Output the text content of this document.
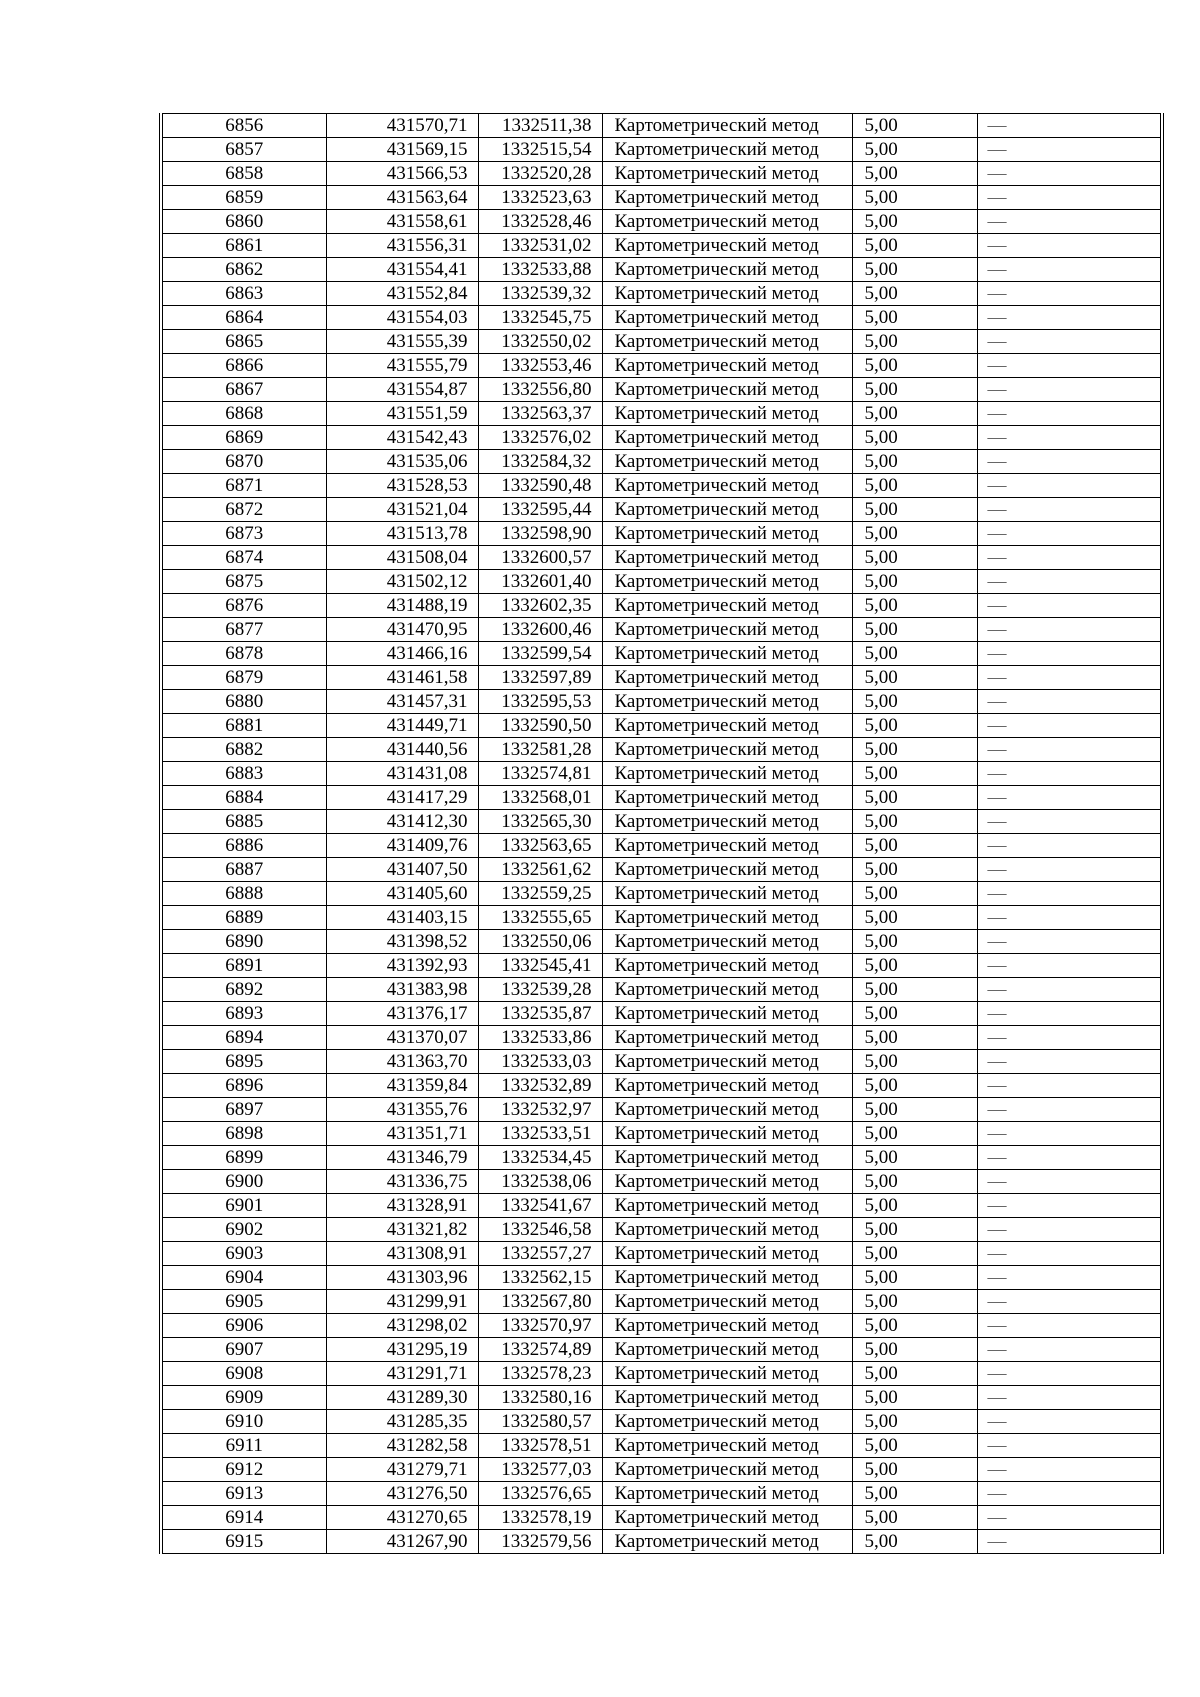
6856	431570,71	1332511,38	Картометрический метод	5,00	—
6857	431569,15	1332515,54	Картометрический метод	5,00	—
6858	431566,53	1332520,28	Картометрический метод	5,00	—
6859	431563,64	1332523,63	Картометрический метод	5,00	—
6860	431558,61	1332528,46	Картометрический метод	5,00	—
6861	431556,31	1332531,02	Картометрический метод	5,00	—
6862	431554,41	1332533,88	Картометрический метод	5,00	—
6863	431552,84	1332539,32	Картометрический метод	5,00	—
6864	431554,03	1332545,75	Картометрический метод	5,00	—
6865	431555,39	1332550,02	Картометрический метод	5,00	—
6866	431555,79	1332553,46	Картометрический метод	5,00	—
6867	431554,87	1332556,80	Картометрический метод	5,00	—
6868	431551,59	1332563,37	Картометрический метод	5,00	—
6869	431542,43	1332576,02	Картометрический метод	5,00	—
6870	431535,06	1332584,32	Картометрический метод	5,00	—
6871	431528,53	1332590,48	Картометрический метод	5,00	—
6872	431521,04	1332595,44	Картометрический метод	5,00	—
6873	431513,78	1332598,90	Картометрический метод	5,00	—
6874	431508,04	1332600,57	Картометрический метод	5,00	—
6875	431502,12	1332601,40	Картометрический метод	5,00	—
6876	431488,19	1332602,35	Картометрический метод	5,00	—
6877	431470,95	1332600,46	Картометрический метод	5,00	—
6878	431466,16	1332599,54	Картометрический метод	5,00	—
6879	431461,58	1332597,89	Картометрический метод	5,00	—
6880	431457,31	1332595,53	Картометрический метод	5,00	—
6881	431449,71	1332590,50	Картометрический метод	5,00	—
6882	431440,56	1332581,28	Картометрический метод	5,00	—
6883	431431,08	1332574,81	Картометрический метод	5,00	—
6884	431417,29	1332568,01	Картометрический метод	5,00	—
6885	431412,30	1332565,30	Картометрический метод	5,00	—
6886	431409,76	1332563,65	Картометрический метод	5,00	—
6887	431407,50	1332561,62	Картометрический метод	5,00	—
6888	431405,60	1332559,25	Картометрический метод	5,00	—
6889	431403,15	1332555,65	Картометрический метод	5,00	—
6890	431398,52	1332550,06	Картометрический метод	5,00	—
6891	431392,93	1332545,41	Картометрический метод	5,00	—
6892	431383,98	1332539,28	Картометрический метод	5,00	—
6893	431376,17	1332535,87	Картометрический метод	5,00	—
6894	431370,07	1332533,86	Картометрический метод	5,00	—
6895	431363,70	1332533,03	Картометрический метод	5,00	—
6896	431359,84	1332532,89	Картометрический метод	5,00	—
6897	431355,76	1332532,97	Картометрический метод	5,00	—
6898	431351,71	1332533,51	Картометрический метод	5,00	—
6899	431346,79	1332534,45	Картометрический метод	5,00	—
6900	431336,75	1332538,06	Картометрический метод	5,00	—
6901	431328,91	1332541,67	Картометрический метод	5,00	—
6902	431321,82	1332546,58	Картометрический метод	5,00	—
6903	431308,91	1332557,27	Картометрический метод	5,00	—
6904	431303,96	1332562,15	Картометрический метод	5,00	—
6905	431299,91	1332567,80	Картометрический метод	5,00	—
6906	431298,02	1332570,97	Картометрический метод	5,00	—
6907	431295,19	1332574,89	Картометрический метод	5,00	—
6908	431291,71	1332578,23	Картометрический метод	5,00	—
6909	431289,30	1332580,16	Картометрический метод	5,00	—
6910	431285,35	1332580,57	Картометрический метод	5,00	—
6911	431282,58	1332578,51	Картометрический метод	5,00	—
6912	431279,71	1332577,03	Картометрический метод	5,00	—
6913	431276,50	1332576,65	Картометрический метод	5,00	—
6914	431270,65	1332578,19	Картометрический метод	5,00	—
6915	431267,90	1332579,56	Картометрический метод	5,00	—
